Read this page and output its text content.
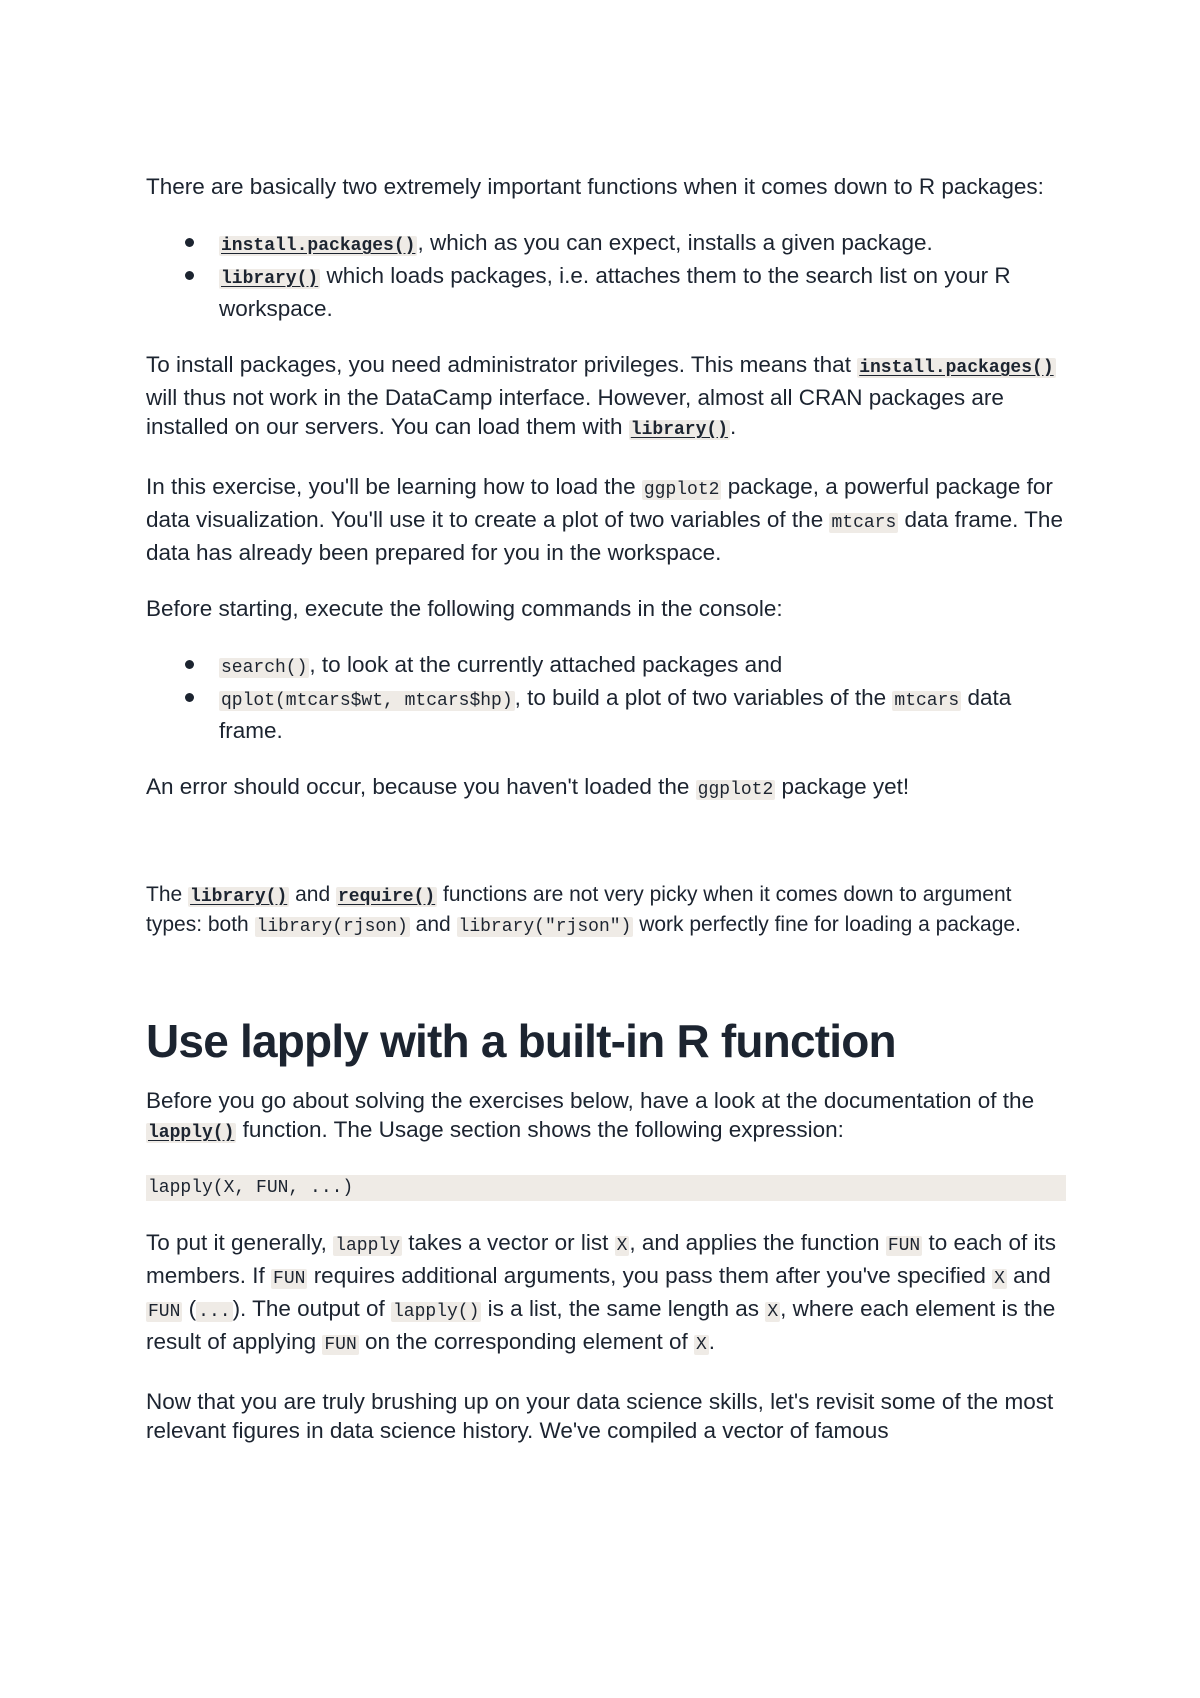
There are basically two extremely important functions when it comes down to R packages:

install.packages(), which as you can expect, installs a given package.
library() which loads packages, i.e. attaches them to the search list on your R workspace.

To install packages, you need administrator privileges. This means that install.packages() will thus not work in the DataCamp interface. However, almost all CRAN packages are installed on our servers. You can load them with library().

In this exercise, you'll be learning how to load the ggplot2 package, a powerful package for data visualization. You'll use it to create a plot of two variables of the mtcars data frame. The data has already been prepared for you in the workspace.

Before starting, execute the following commands in the console:

search(), to look at the currently attached packages and
qplot(mtcars$wt, mtcars$hp), to build a plot of two variables of the mtcars data frame.

An error should occur, because you haven't loaded the ggplot2 package yet!

The library() and require() functions are not very picky when it comes down to argument types: both library(rjson) and library("rjson") work perfectly fine for loading a package.

Use lapply with a built-in R function

Before you go about solving the exercises below, have a look at the documentation of the lapply() function. The Usage section shows the following expression:

lapply(X, FUN, ...)

To put it generally, lapply takes a vector or list X, and applies the function FUN to each of its members. If FUN requires additional arguments, you pass them after you've specified X and FUN ( ...). The output of lapply() is a list, the same length as X, where each element is the result of applying FUN on the corresponding element of X.

Now that you are truly brushing up on your data science skills, let's revisit some of the most relevant figures in data science history. We've compiled a vector of famous
